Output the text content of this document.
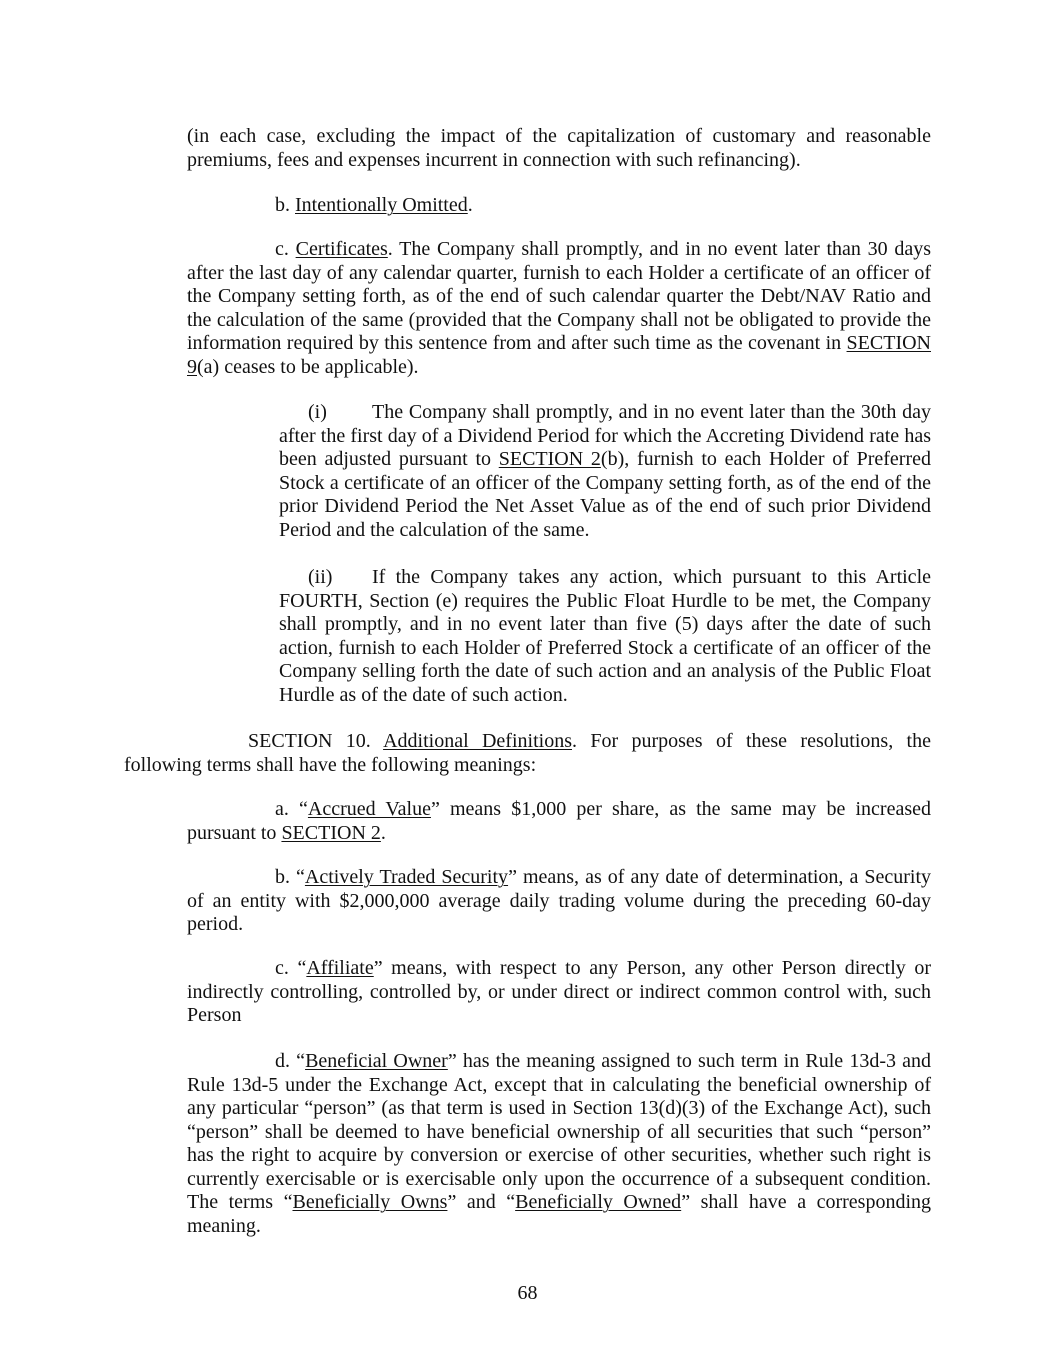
(in each case, excluding the impact of the capitalization of customary and reasonable premiums, fees and expenses incurrent in connection with such refinancing).

b. Intentionally Omitted.

c. Certificates. The Company shall promptly, and in no event later than 30 days after the last day of any calendar quarter, furnish to each Holder a certificate of an officer of the Company setting forth, as of the end of such calendar quarter the Debt/NAV Ratio and the calculation of the same (provided that the Company shall not be obligated to provide the information required by this sentence from and after such time as the covenant in SECTION 9(a) ceases to be applicable).

(i) The Company shall promptly, and in no event later than the 30th day after the first day of a Dividend Period for which the Accreting Dividend rate has been adjusted pursuant to SECTION 2(b), furnish to each Holder of Preferred Stock a certificate of an officer of the Company setting forth, as of the end of the prior Dividend Period the Net Asset Value as of the end of such prior Dividend Period and the calculation of the same.

(ii) If the Company takes any action, which pursuant to this Article FOURTH, Section (e) requires the Public Float Hurdle to be met, the Company shall promptly, and in no event later than five (5) days after the date of such action, furnish to each Holder of Preferred Stock a certificate of an officer of the Company selling forth the date of such action and an analysis of the Public Float Hurdle as of the date of such action.

SECTION 10. Additional Definitions. For purposes of these resolutions, the following terms shall have the following meanings:

a. “Accrued Value” means $1,000 per share, as the same may be increased pursuant to SECTION 2.

b. “Actively Traded Security” means, as of any date of determination, a Security of an entity with $2,000,000 average daily trading volume during the preceding 60-day period.

c. “Affiliate” means, with respect to any Person, any other Person directly or indirectly controlling, controlled by, or under direct or indirect common control with, such Person

d. “Beneficial Owner” has the meaning assigned to such term in Rule 13d-3 and Rule 13d-5 under the Exchange Act, except that in calculating the beneficial ownership of any particular “person” (as that term is used in Section 13(d)(3) of the Exchange Act), such “person” shall be deemed to have beneficial ownership of all securities that such “person” has the right to acquire by conversion or exercise of other securities, whether such right is currently exercisable or is exercisable only upon the occurrence of a subsequent condition. The terms “Beneficially Owns” and “Beneficially Owned” shall have a corresponding meaning.

68
